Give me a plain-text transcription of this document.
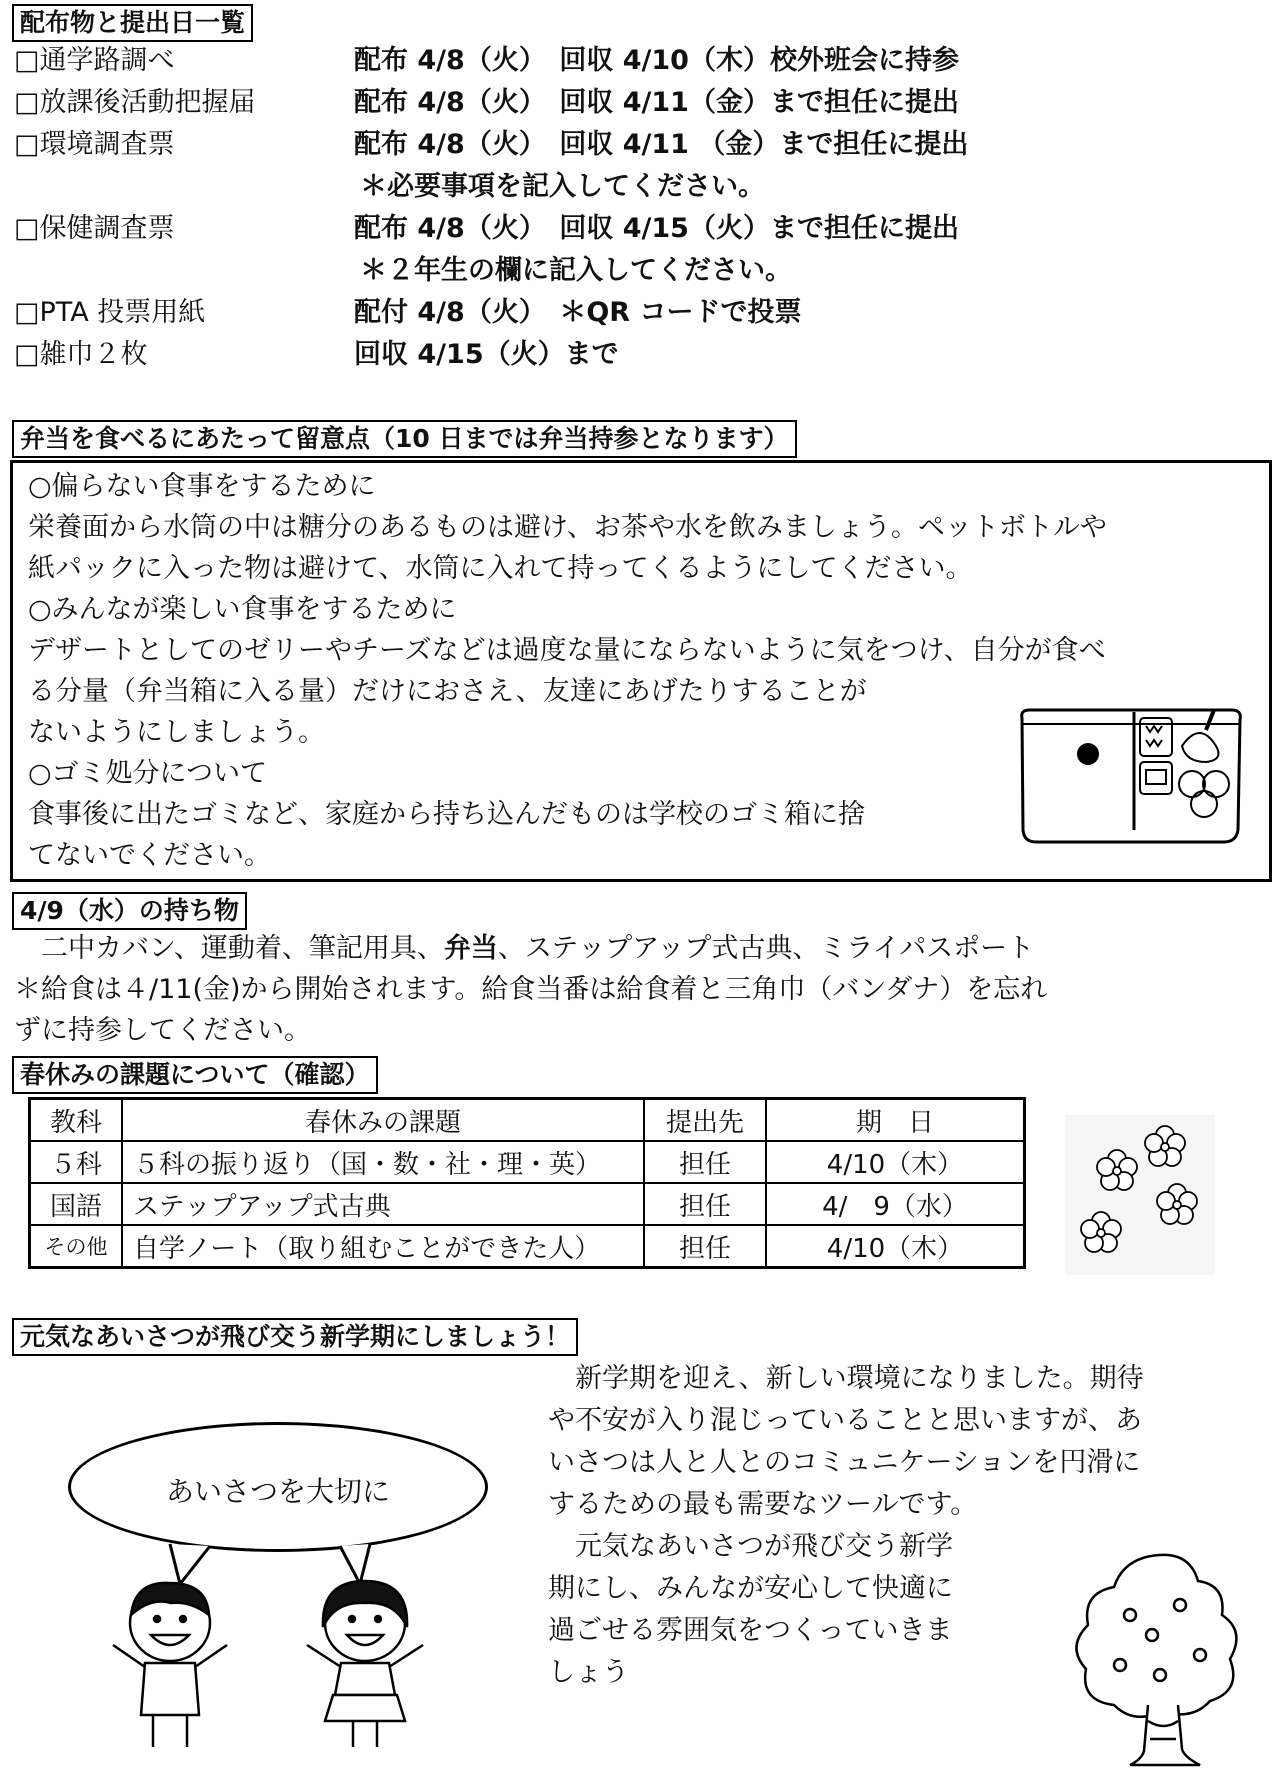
配布物と提出日一覧
□通学路調べ	配布 4/8（火）　回収 4/10（木）校外班会に持参
□放課後活動把握届	配布 4/8（火）　回収 4/11（金）まで担任に提出
□環境調査票	配布 4/8（火）　回収 4/11 （金）まで担任に提出
＊必要事項を記入してください。
□保健調査票	配布 4/8（火）　回収 4/15（火）まで担任に提出
＊２年生の欄に記入してください。
□PTA 投票用紙	配付 4/8（火）　＊QR コードで投票
□雑巾２枚	回収 4/15（火）まで
弁当を食べるにあたって留意点（10 日までは弁当持参となります）
○偏らない食事をするために
栄養面から水筒の中は糖分のあるものは避け、お茶や水を飲みましょう。ペットボトルや
紙パックに入った物は避けて、水筒に入れて持ってくるようにしてください。
○みんなが楽しい食事をするために
デザートとしてのゼリーやチーズなどは過度な量にならないように気をつけ、自分が食べ
る分量（弁当箱に入る量）だけにおさえ、友達にあげたりすることが
ないようにしましょう。
○ゴミ処分について
食事後に出たゴミなど、家庭から持ち込んだものは学校のゴミ箱に捨
てないでください。
4/9（水）の持ち物
　二中カバン、運動着、筆記用具、弁当、ステップアップ式古典、ミライパスポート
＊給食は４/11(金)から開始されます。給食当番は給食着と三角巾（バンダナ）を忘れ
ずに持参してください。
春休みの課題について（確認）
教科	春休みの課題	提出先	期　日
５科	５科の振り返り（国・数・社・理・英）	担任	4/10（木）
国語	ステップアップ式古典	担任	4/　9（水）
その他	自学ノート（取り組むことができた人）	担任	4/10（木）
元気なあいさつが飛び交う新学期にしましょう！
あいさつを大切に
　新学期を迎え、新しい環境になりました。期待
や不安が入り混じっていることと思いますが、あ
いさつは人と人とのコミュニケーションを円滑に
するための最も需要なツールです。
　元気なあいさつが飛び交う新学
期にし、みんなが安心して快適に
過ごせる雰囲気をつくっていきま
しょう
